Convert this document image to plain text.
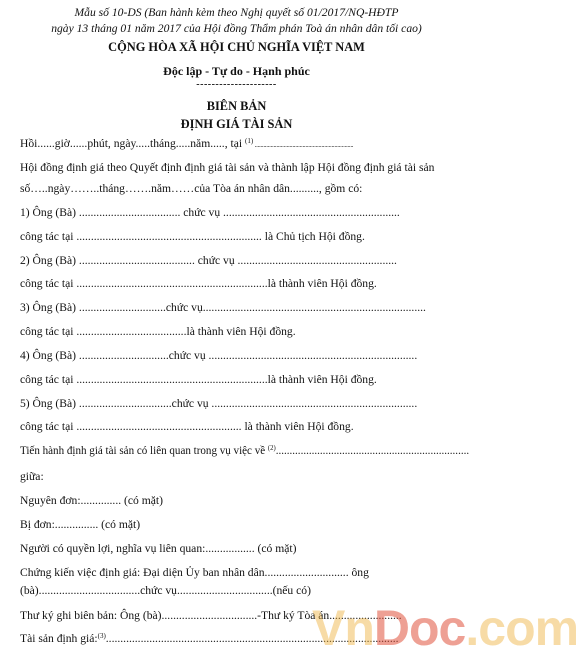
Mẫu số 10-DS (Ban hành kèm theo Nghị quyết số 01/2017/NQ-HĐTP
ngày 13 tháng 01 năm 2017 của Hội đồng Thẩm phán Toà án nhân dân tối cao)
CỘNG HÒA XÃ HỘI CHỦ NGHĨA VIỆT NAM
Độc lập - Tự do - Hạnh phúc
---------------------
BIÊN BẢN
ĐỊNH GIÁ TÀI SẢN
Hồi......giờ......phút, ngày.....tháng.....năm....., tại $^{(1)}$ ....................................................................
Hội đồng định giá theo Quyết định định giá tài sản và thành lập Hội đồng định giá tài sản
số…..ngày……..tháng…….năm……của Tòa án nhân dân.........., gồm có:
1) Ông (Bà) ................................... chức vụ .............................................................
công tác tại ................................................................ là Chủ tịch Hội đồng.
2) Ông (Bà) ........................................ chức vụ .......................................................
công tác tại ..................................................................là thành viên Hội đồng.
3) Ông (Bà) ..............................chức vụ.............................................................................
công tác tại ......................................là thành viên Hội đồng.
4) Ông (Bà) ...............................chức vụ ........................................................................
công tác tại ..................................................................là thành viên Hội đồng.
5) Ông (Bà) ................................chức vụ .......................................................................
công tác tại ......................................................... là thành viên Hội đồng.
Tiến hành định giá tài sản có liên quan trong vụ việc về $^{(2)}$......................................................................
giữa:
Nguyên đơn:.............. (có mặt)
Bị đơn:............... (có mặt)
Người có quyền lợi, nghĩa vụ liên quan:................. (có mặt)
Chứng kiến việc định giá: Đại diện Ủy ban nhân dân............................. ông
(bà)...................................chức vụ.................................(nếu có)
Thư ký ghi biên bản: Ông (bà).................................-Thư ký Tòa án.........................
Tài sản định giá:$^{(3)}$.....................................................................................................
VnDoc.com
